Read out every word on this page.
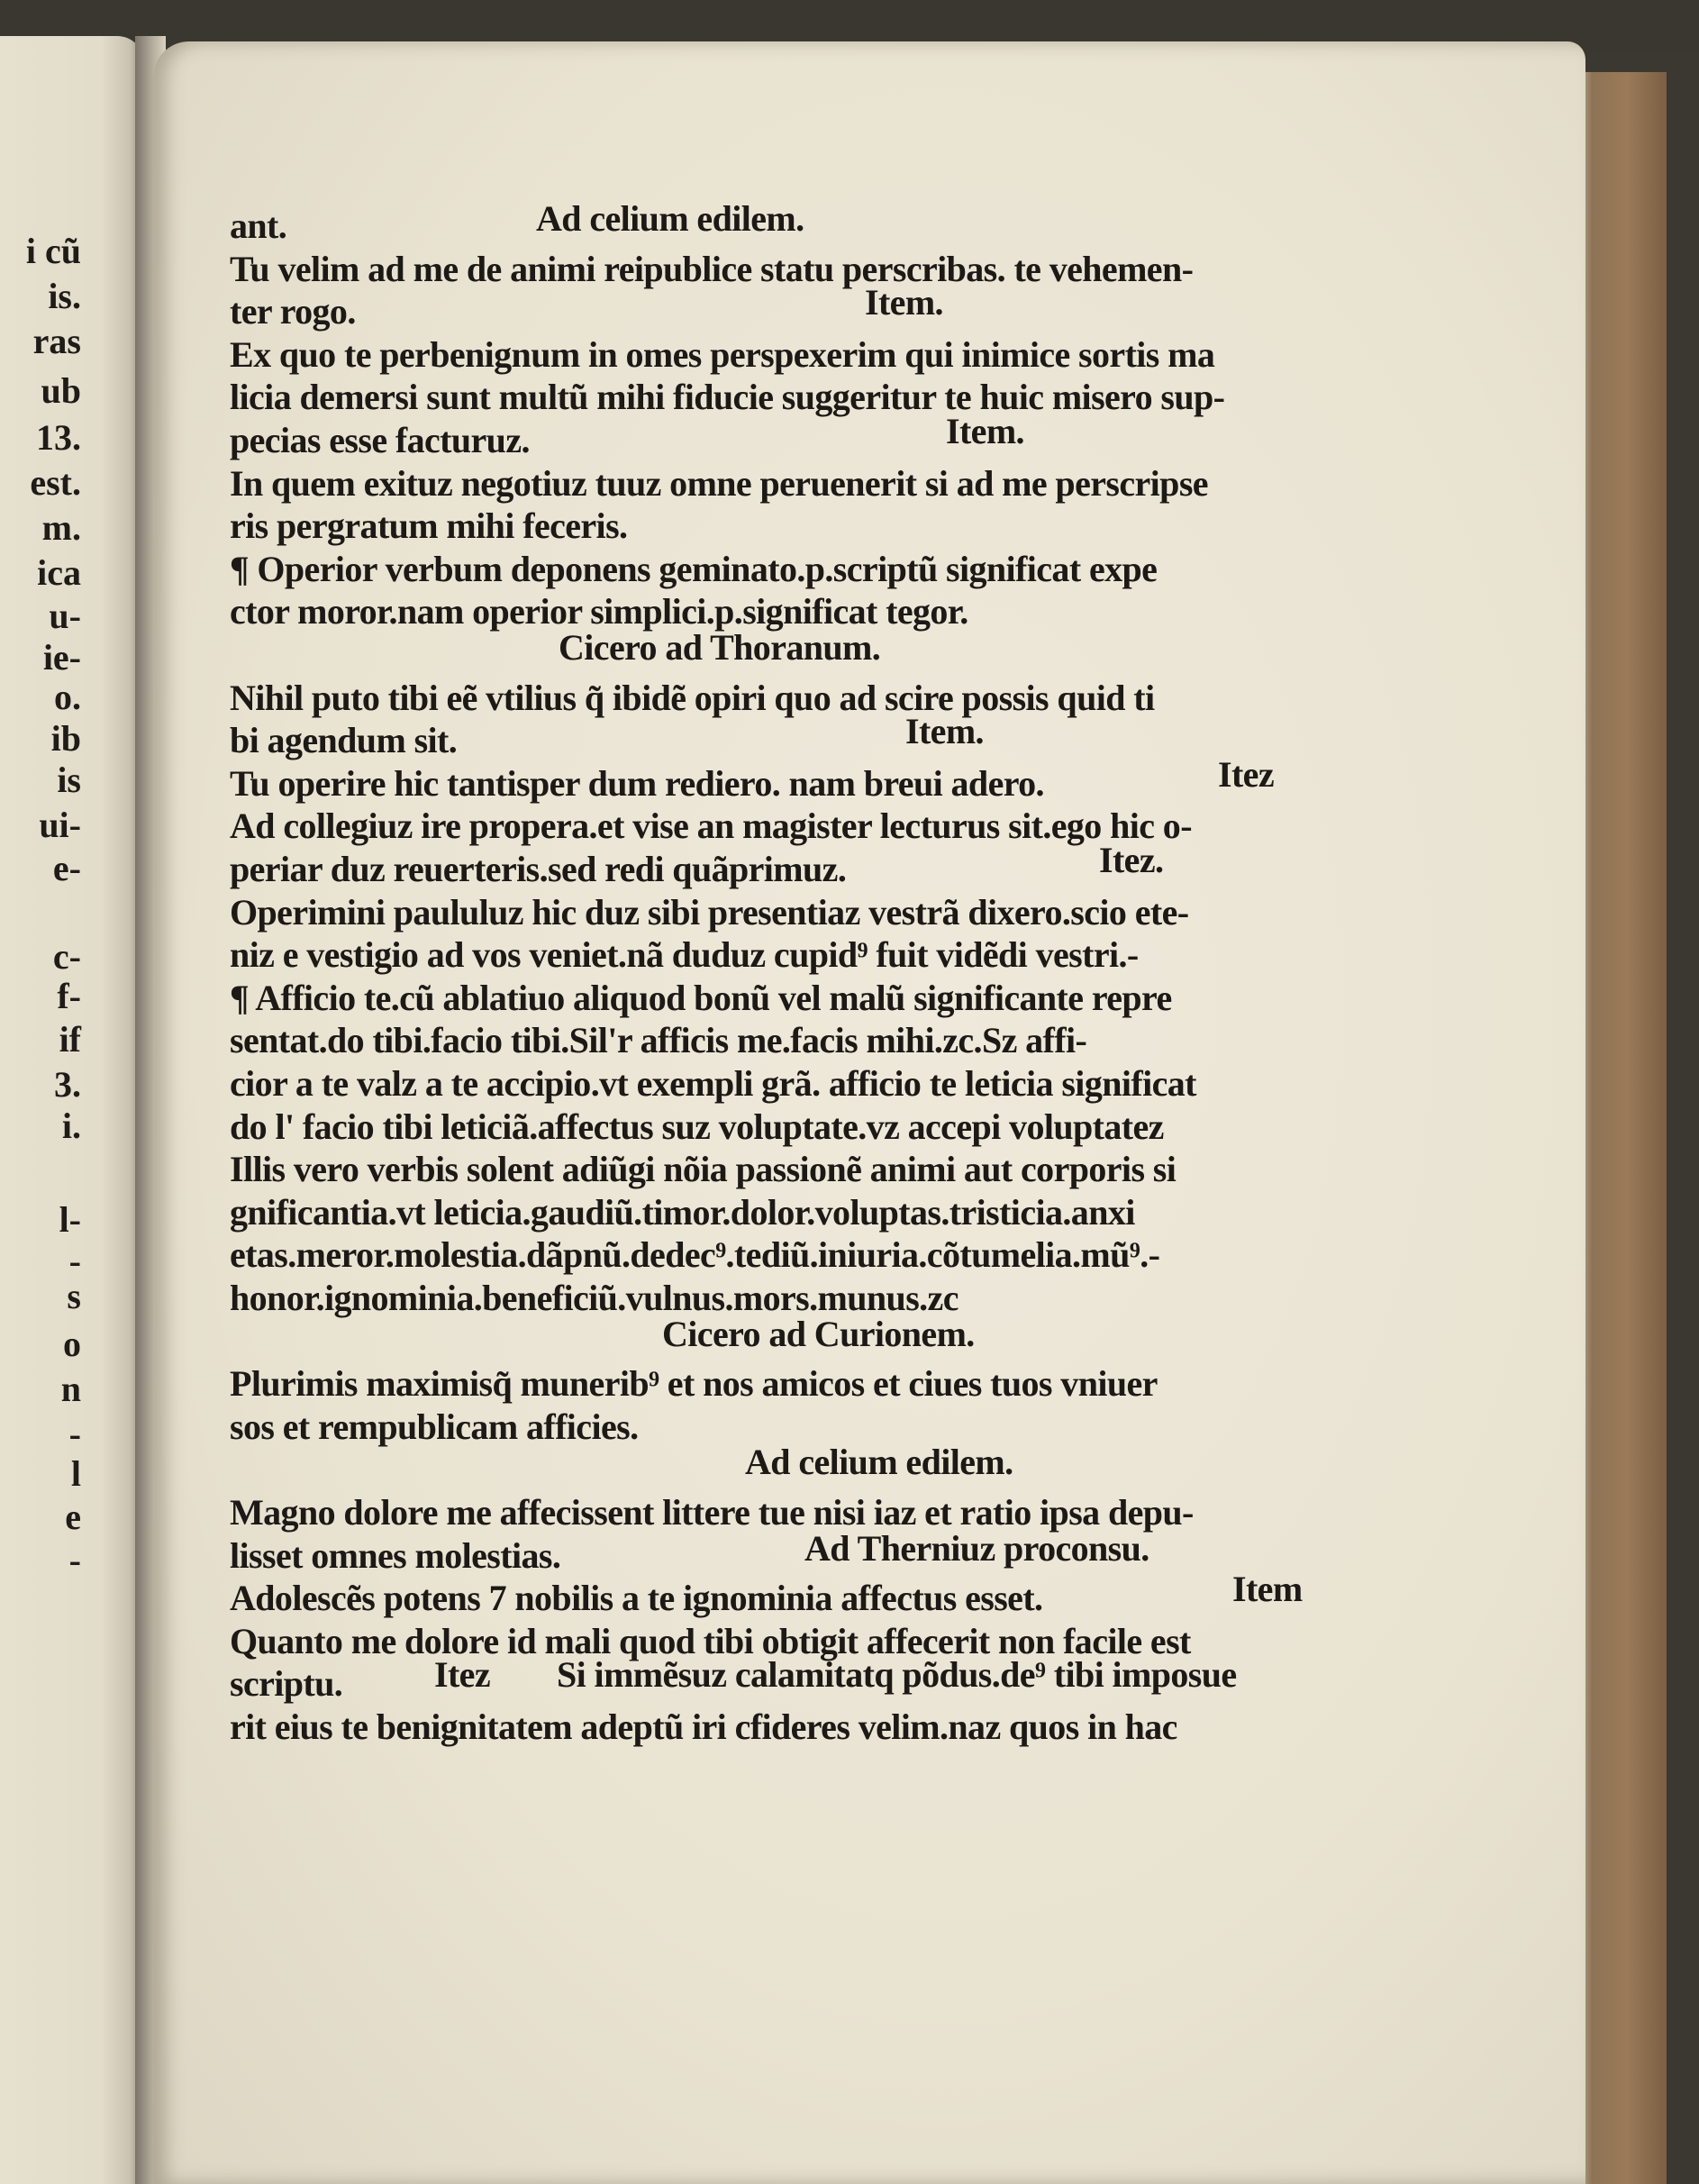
ant.	Ad celium edilem.
Tu velim ad me de animi reipublice statu perscribas. te vehemen-
ter rogo.	Item.
Ex quo te perbenignum in omes perspexerim qui inimice sortis ma
licia demersi sunt multũ mihi fiducie suggeritur te huic misero sup-
pecias esse facturuz.	Item.
In quem exituz negotiuz tuuz omne peruenerit si ad me perscripse
ris pergratum mihi feceris.
¶ Operior verbum deponens geminato.p.scriptũ significat expe
ctor moror.nam operior simplici.p.significat tegor.
Cicero ad Thoranum.
Nihil puto tibi eẽ vtilius q̃ ibidẽ opiri quo ad scire possis quid ti
bi agendum sit.	Item.
Tu operire hic tantisper dum rediero. nam breui adero.	Itez
Ad collegiuz ire propera.et vise an magister lecturus sit.ego hic o-
periar duz reuerteris.sed redi quãprimuz.	Itez.
Operimini paululuz hic duz sibi presentiaz vestrã dixero.scio ete-
niz e vestigio ad vos veniet.nã duduz cupid⁹ fuit vidẽdi vestri.-
¶ Afficio te.cũ ablatiuo aliquod bonũ vel malũ significante repre
sentat.do tibi.facio tibi.Sil'r afficis me.facis mihi.zc.Sz affi-
cior a te valz a te accipio.vt exempli grã. afficio te leticia significat
do l' facio tibi leticiã.affectus suz voluptate.vz accepi voluptatez
Illis vero verbis solent adiũgi nõia passionẽ animi aut corporis si
gnificantia.vt leticia.gaudiũ.timor.dolor.voluptas.tristicia.anxi
etas.meror.molestia.dãpnũ.dedec⁹.tediũ.iniuria.cõtumelia.mũ⁹.-
honor.ignominia.beneficiũ.vulnus.mors.munus.zc
Cicero ad Curionem.
Plurimis maximisq̃ munerib⁹ et nos amicos et ciues tuos vniuer
sos et rempublicam afficies.
Ad celium edilem.
Magno dolore me affecissent littere tue nisi iaz et ratio ipsa depu-
lisset omnes molestias.	Ad Therniuz proconsu.
Adolescẽs potens 7 nobilis a te ignominia affectus esset.	Item
Quanto me dolore id mali quod tibi obtigit affecerit non facile est
scriptu.	Itez Si immẽsuz calamitatq põdus.de⁹ tibi imposue
rit eius te benignitatem adeptũ iri cfideres velim.naz quos in hac
i cũ
is.
ras
ub
13.
est.
m.
ica
u-
ie-
o.
ib
is
ui-
e-
c-
f-
if
3.
i.
l-
-
s
o
n
-
l
e
-
